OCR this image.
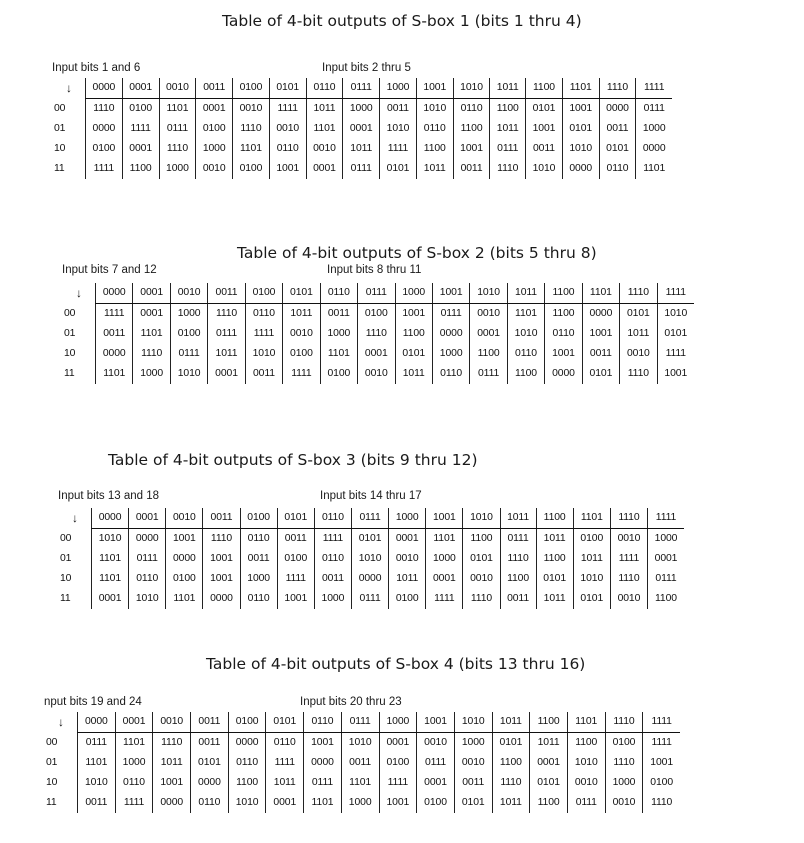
Table of 4-bit outputs of S-box 1 (bits 1 thru 4)
Input bits 1 and 6	Input bits 2 thru 5
↓	0000	0001	0010	0011	0100	0101	0110	0111	1000	1001	1010	1011	1100	1101	1110	1111
00	1110	0100	1101	0001	0010	1111	1011	1000	0011	1010	0110	1100	0101	1001	0000	0111
01	0000	1111	0111	0100	1110	0010	1101	0001	1010	0110	1100	1011	1001	0101	0011	1000
10	0100	0001	1110	1000	1101	0110	0010	1011	1111	1100	1001	0111	0011	1010	0101	0000
11	1111	1100	1000	0010	0100	1001	0001	0111	0101	1011	0011	1110	1010	0000	0110	1101
Table of 4-bit outputs of S-box 2 (bits 5 thru 8)
Input bits 7 and 12	Input bits 8 thru 11
↓	0000	0001	0010	0011	0100	0101	0110	0111	1000	1001	1010	1011	1100	1101	1110	1111
00	1111	0001	1000	1110	0110	1011	0011	0100	1001	0111	0010	1101	1100	0000	0101	1010
01	0011	1101	0100	0111	1111	0010	1000	1110	1100	0000	0001	1010	0110	1001	1011	0101
10	0000	1110	0111	1011	1010	0100	1101	0001	0101	1000	1100	0110	1001	0011	0010	1111
11	1101	1000	1010	0001	0011	1111	0100	0010	1011	0110	0111	1100	0000	0101	1110	1001
Table of 4-bit outputs of S-box 3 (bits 9 thru 12)
Input bits 13 and 18	Input bits 14 thru 17
↓	0000	0001	0010	0011	0100	0101	0110	0111	1000	1001	1010	1011	1100	1101	1110	1111
00	1010	0000	1001	1110	0110	0011	1111	0101	0001	1101	1100	0111	1011	0100	0010	1000
01	1101	0111	0000	1001	0011	0100	0110	1010	0010	1000	0101	1110	1100	1011	1111	0001
10	1101	0110	0100	1001	1000	1111	0011	0000	1011	0001	0010	1100	0101	1010	1110	0111
11	0001	1010	1101	0000	0110	1001	1000	0111	0100	1111	1110	0011	1011	0101	0010	1100
Table of 4-bit outputs of S-box 4 (bits 13 thru 16)
nput bits 19 and 24	Input bits 20 thru 23
↓	0000	0001	0010	0011	0100	0101	0110	0111	1000	1001	1010	1011	1100	1101	1110	1111
00	0111	1101	1110	0011	0000	0110	1001	1010	0001	0010	1000	0101	1011	1100	0100	1111
01	1101	1000	1011	0101	0110	1111	0000	0011	0100	0111	0010	1100	0001	1010	1110	1001
10	1010	0110	1001	0000	1100	1011	0111	1101	1111	0001	0011	1110	0101	0010	1000	0100
11	0011	1111	0000	0110	1010	0001	1101	1000	1001	0100	0101	1011	1100	0111	0010	1110
